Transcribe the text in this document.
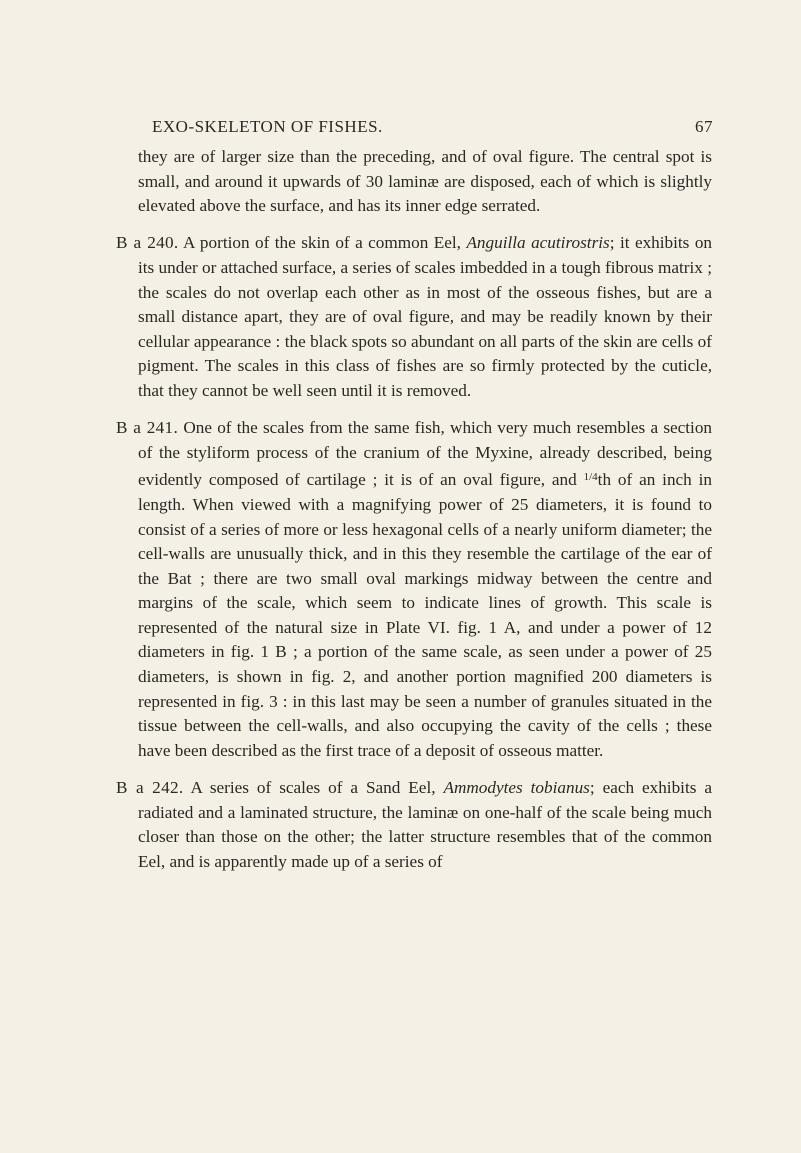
EXO-SKELETON OF FISHES.	67

they are of larger size than the preceding, and of oval figure. The central spot is small, and around it upwards of 30 laminæ are disposed, each of which is slightly elevated above the surface, and has its inner edge serrated.

B a 240. A portion of the skin of a common Eel, Anguilla acutirostris; it exhibits on its under or attached surface, a series of scales imbedded in a tough fibrous matrix ; the scales do not overlap each other as in most of the osseous fishes, but are a small distance apart, they are of oval figure, and may be readily known by their cellular appearance : the black spots so abundant on all parts of the skin are cells of pigment. The scales in this class of fishes are so firmly protected by the cuticle, that they cannot be well seen until it is removed.

B a 241. One of the scales from the same fish, which very much resembles a section of the styliform process of the cranium of the Myxine, already described, being evidently composed of cartilage ; it is of an oval figure, and $^{1/4}$th of an inch in length. When viewed with a magnifying power of 25 diameters, it is found to consist of a series of more or less hexagonal cells of a nearly uniform diameter; the cell-walls are unusually thick, and in this they resemble the cartilage of the ear of the Bat ; there are two small oval markings midway between the centre and margins of the scale, which seem to indicate lines of growth. This scale is represented of the natural size in Plate VI. fig. 1 A, and under a power of 12 diameters in fig. 1 B ; a portion of the same scale, as seen under a power of 25 diameters, is shown in fig. 2, and another portion magnified 200 diameters is represented in fig. 3 : in this last may be seen a number of granules situated in the tissue between the cell-walls, and also occupying the cavity of the cells ; these have been described as the first trace of a deposit of osseous matter.

B a 242. A series of scales of a Sand Eel, Ammodytes tobianus; each exhibits a radiated and a laminated structure, the laminæ on one-half of the scale being much closer than those on the other; the latter structure resembles that of the common Eel, and is apparently made up of a series of
